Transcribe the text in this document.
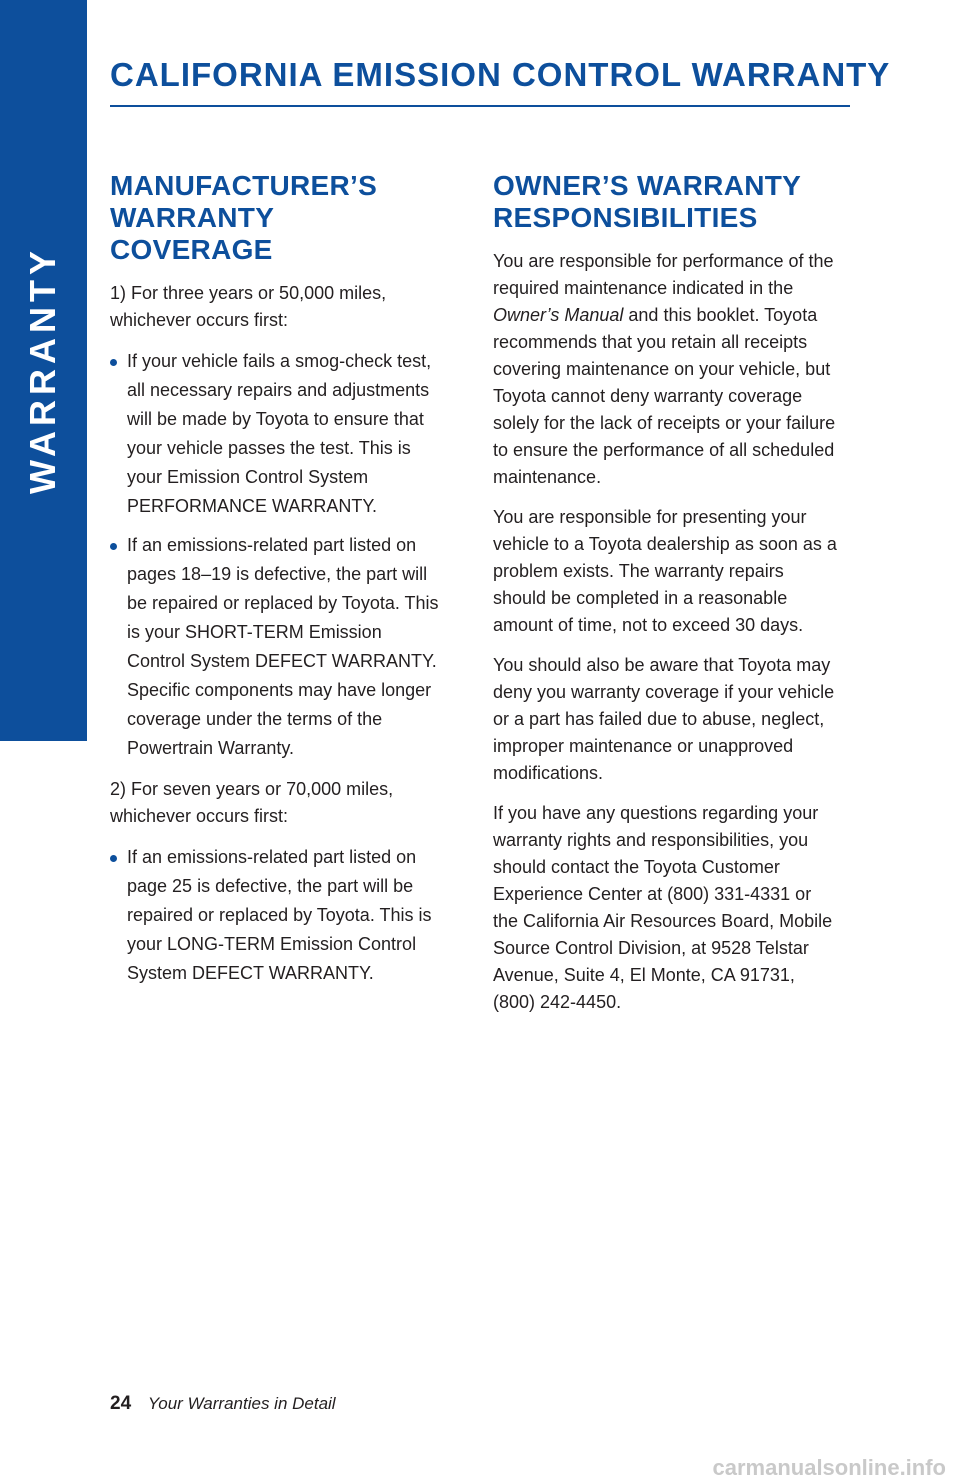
WARRANTY
CALIFORNIA EMISSION CONTROL WARRANTY
MANUFACTURER’S
WARRANTY COVERAGE

1) For three years or 50,000 miles, whichever occurs first:

If your vehicle fails a smog-check test, all necessary repairs and adjustments will be made by Toyota to ensure that your vehicle passes the test. This is your Emission Control System PERFORMANCE WARRANTY.
If an emissions-related part listed on pages 18–19 is defective, the part will be repaired or replaced by Toyota. This is your SHORT-TERM Emission Control System DEFECT WARRANTY. Specific components may have longer coverage under the terms of the Powertrain Warranty.

2) For seven years or 70,000 miles, whichever occurs first:

If an emissions-related part listed on page 25 is defective, the part will be repaired or replaced by Toyota. This is your LONG-TERM Emission Control System DEFECT WARRANTY.
OWNER’S WARRANTY
RESPONSIBILITIES

You are responsible for performance of the required maintenance indicated in the Owner’s Manual and this booklet. Toyota recommends that you retain all receipts covering maintenance on your vehicle, but Toyota cannot deny warranty coverage solely for the lack of receipts or your failure to ensure the performance of all scheduled maintenance.

You are responsible for presenting your vehicle to a Toyota dealership as soon as a problem exists. The warranty repairs should be completed in a reasonable amount of time, not to exceed 30 days.

You should also be aware that Toyota may deny you warranty coverage if your vehicle or a part has failed due to abuse, neglect, improper maintenance or unapproved modifications.

If you have any questions regarding your warranty rights and responsibilities, you should contact the Toyota Customer Experience Center at (800) 331-4331 or the California Air Resources Board, Mobile Source Control Division, at 9528 Telstar Avenue, Suite 4, El Monte, CA 91731, (800) 242-4450.

24 Your Warranties in Detail
carmanualsonline.info
